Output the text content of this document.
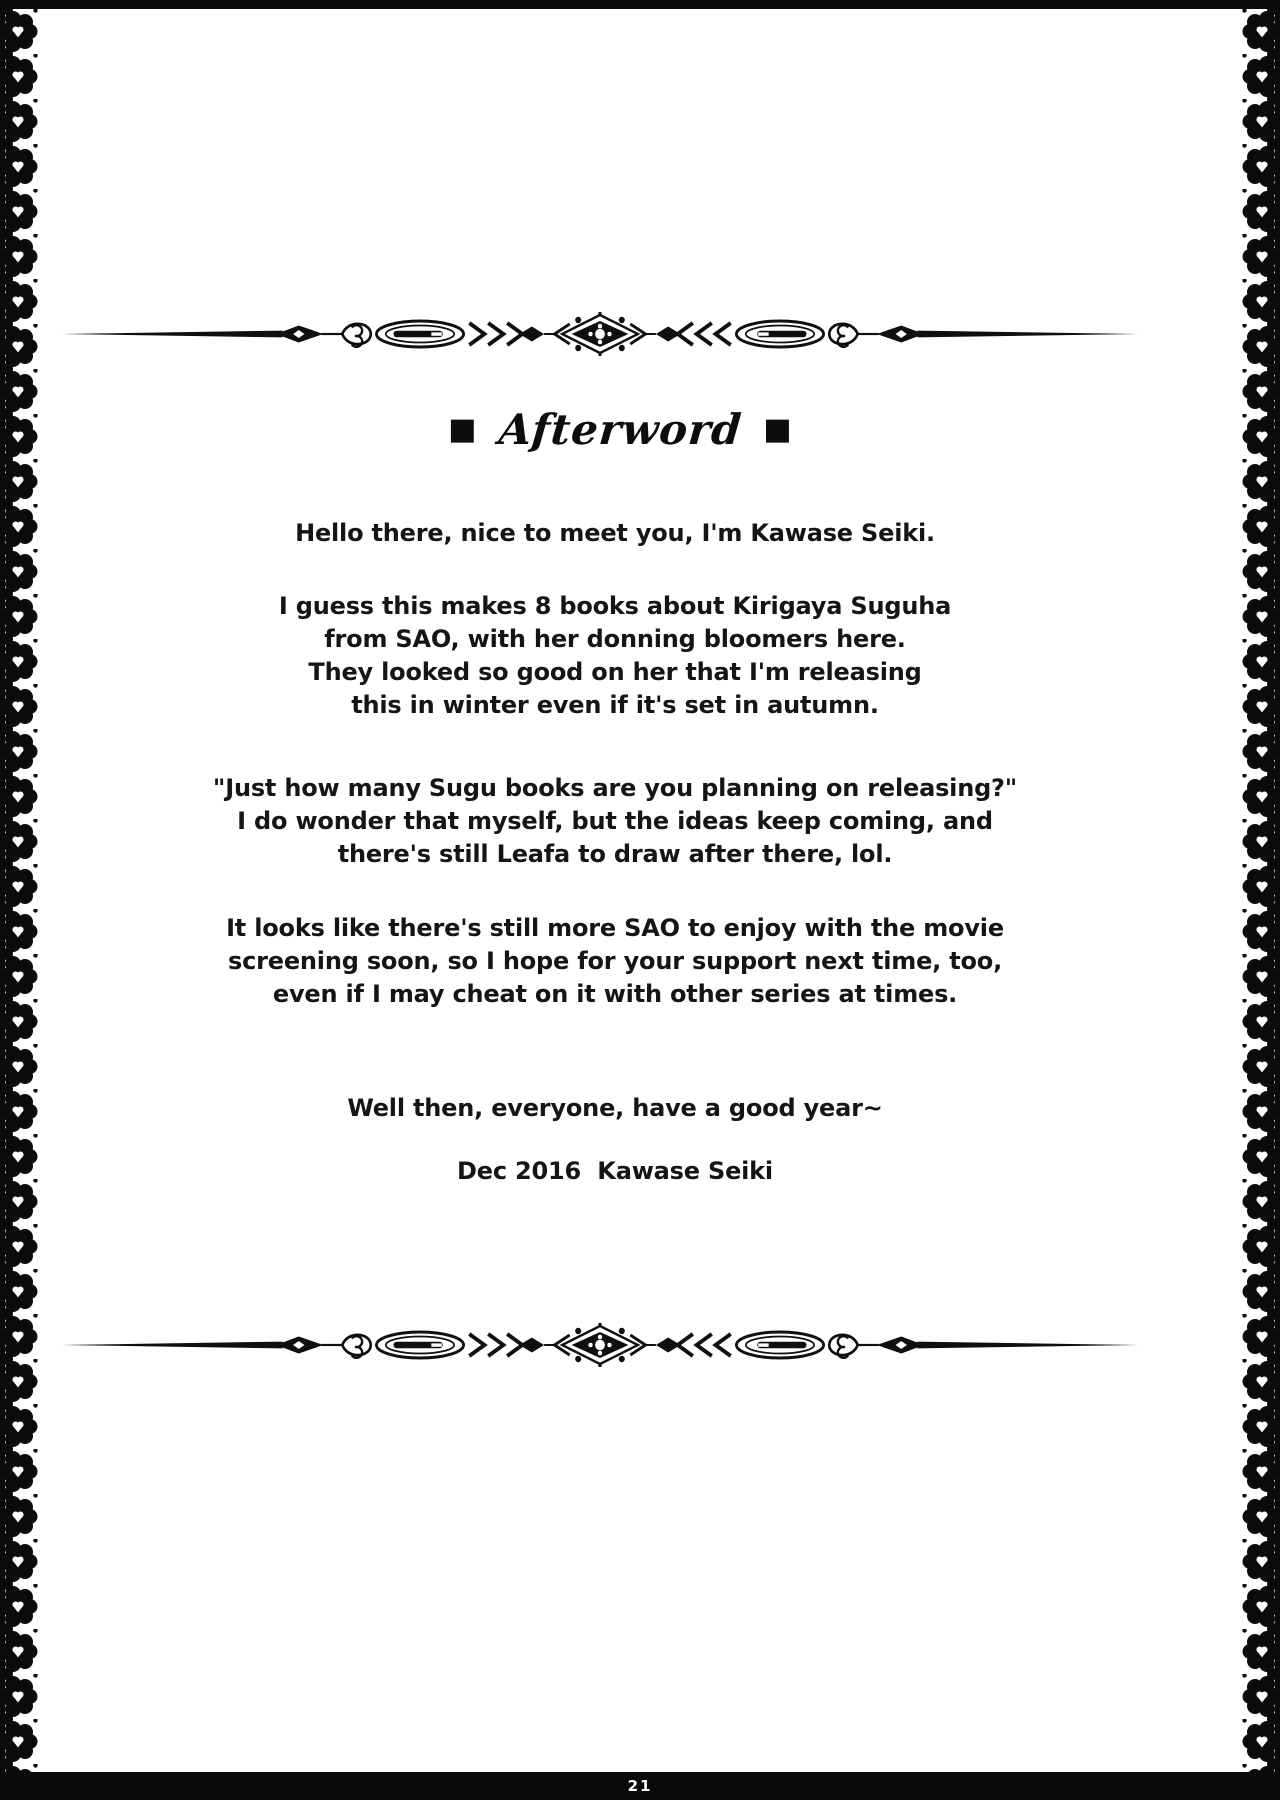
■ Afterword ■
Hello there, nice to meet you, I'm Kawase Seiki.
I guess this makes 8 books about Kirigaya Suguha
from SAO, with her donning bloomers here.
They looked so good on her that I'm releasing
this in winter even if it's set in autumn.
"Just how many Sugu books are you planning on releasing?"
I do wonder that myself, but the ideas keep coming, and
there's still Leafa to draw after there, lol.
It looks like there's still more SAO to enjoy with the movie
screening soon, so I hope for your support next time, too,
even if I may cheat on it with other series at times.
Well then, everyone, have a good year~
Dec 2016  Kawase Seiki
21
